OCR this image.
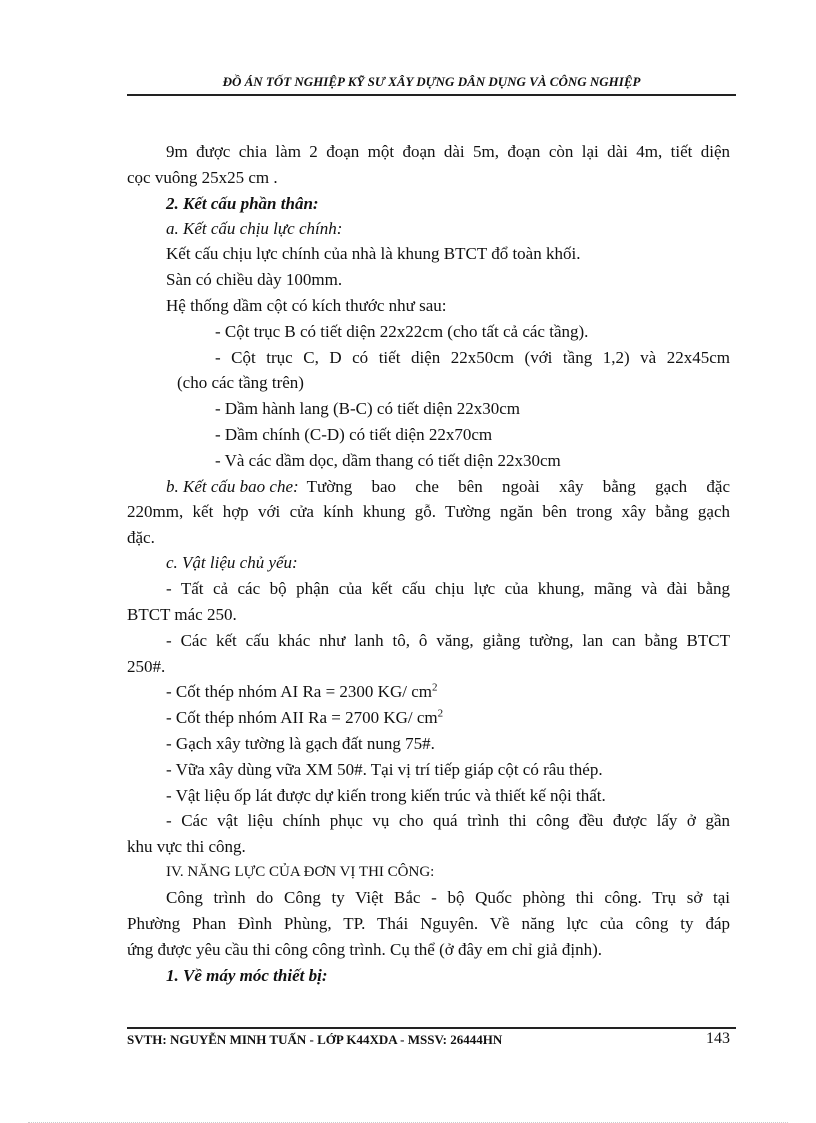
ĐỒ ÁN TỐT NGHIỆP KỸ SƯ XÂY DỰNG DÂN DỤNG VÀ CÔNG NGHIỆP
9m được chia làm 2 đoạn một đoạn dài 5m, đoạn còn lại dài 4m, tiết diện
cọc vuông 25x25 cm .
2. Kết cấu phần thân:
a. Kết cấu chịu lực chính:
Kết cấu chịu lực chính của nhà là khung BTCT đổ toàn khối.
Sàn có chiều dày 100mm.
Hệ thống dầm cột có kích thước như sau:
- Cột trục B có tiết diện 22x22cm (cho tất cả các tầng).
- Cột trục C, D có tiết diện 22x50cm (với tầng 1,2) và 22x45cm
(cho các tầng trên)
- Dầm hành lang (B-C) có tiết diện 22x30cm
- Dầm chính (C-D) có tiết diện 22x70cm
- Và các dầm dọc, dầm thang có tiết diện 22x30cm
b. Kết cấu bao che: Tường bao che bên ngoài xây bằng gạch đặc
220mm, kết hợp với cửa kính khung gỗ. Tường ngăn bên trong xây bằng gạch
đặc.
c. Vật liệu chủ yếu:
- Tất cả các bộ phận của kết cấu chịu lực của khung, mãng và đài bằng
BTCT mác 250.
- Các kết cấu khác như lanh tô, ô văng, giằng tường, lan can bằng BTCT
250#.
- Cốt thép nhóm AI Ra = 2300 KG/ $cm^2$
- Cốt thép nhóm AII Ra = 2700 KG/ $cm^2$
- Gạch xây tường là gạch đất nung 75#.
- Vữa xây dùng vữa XM 50#. Tại vị trí tiếp giáp cột có râu thép.
- Vật liệu ốp lát được dự kiến trong kiến trúc và thiết kế nội thất.
- Các vật liệu chính phục vụ cho quá trình thi công đều được lấy ở gần
khu vực thi công.
IV. NĂNG LỰC CỦA ĐƠN VỊ THI CÔNG:
Công trình do Công ty Việt Bắc - bộ Quốc phòng thi công. Trụ sở tại
Phường Phan Đình Phùng, TP. Thái Nguyên. Về năng lực của công ty đáp
ứng được yêu cầu thi công công trình. Cụ thể (ở đây em chỉ giả định).
1. Về máy móc thiết bị:
SVTH: NGUYỄN MINH TUẤN - LỚP K44XDA - MSSV: 26444HN	143
